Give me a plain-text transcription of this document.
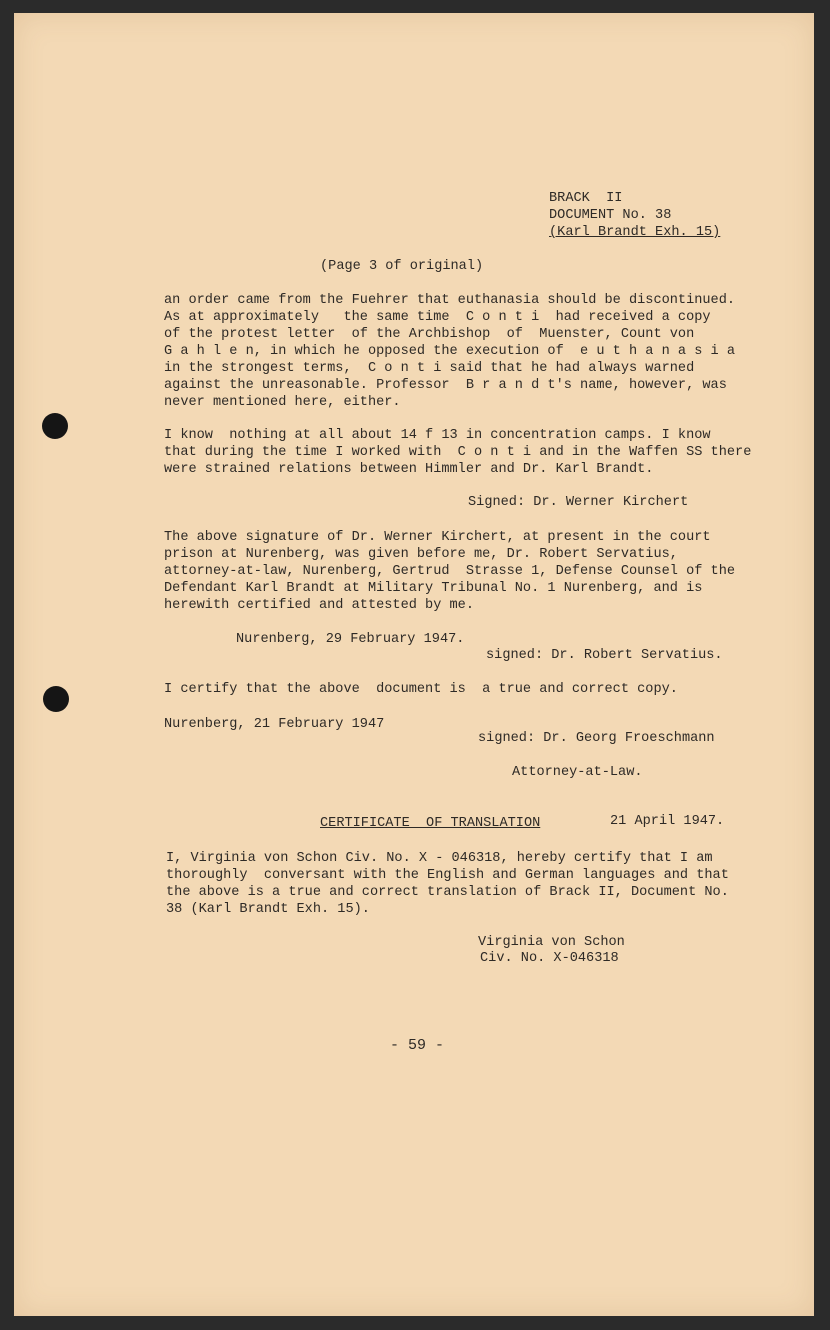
BRACK  II
DOCUMENT No. 38
(Karl Brandt Exh. 15)
(Page 3 of original)
an order came from the Fuehrer that euthanasia should be discontinued.
As at approximately   the same time  C o n t i  had received a copy
of the protest letter  of the Archbishop  of  Muenster, Count von
G a h l e n, in which he opposed the execution of  e u t h a n a s i a
in the strongest terms,  C o n t i said that he had always warned
against the unreasonable. Professor  B r a n d t's name, however, was
never mentioned here, either.
I know  nothing at all about 14 f 13 in concentration camps. I know
that during the time I worked with  C o n t i and in the Waffen SS there
were strained relations between Himmler and Dr. Karl Brandt.
Signed: Dr. Werner Kirchert
The above signature of Dr. Werner Kirchert, at present in the court
prison at Nurenberg, was given before me, Dr. Robert Servatius,
attorney-at-law, Nurenberg, Gertrud  Strasse 1, Defense Counsel of the
Defendant Karl Brandt at Military Tribunal No. 1 Nurenberg, and is
herewith certified and attested by me.
Nurenberg, 29 February 1947.
signed: Dr. Robert Servatius.
I certify that the above  document is  a true and correct copy.
Nurenberg, 21 February 1947
signed: Dr. Georg Froeschmann
Attorney-at-Law.
CERTIFICATE  OF TRANSLATION	21 April 1947.
I, Virginia von Schon Civ. No. X - 046318, hereby certify that I am
thoroughly  conversant with the English and German languages and that
the above is a true and correct translation of Brack II, Document No.
38 (Karl Brandt Exh. 15).
Virginia von Schon
Civ. No. X-046318
- 59 -
